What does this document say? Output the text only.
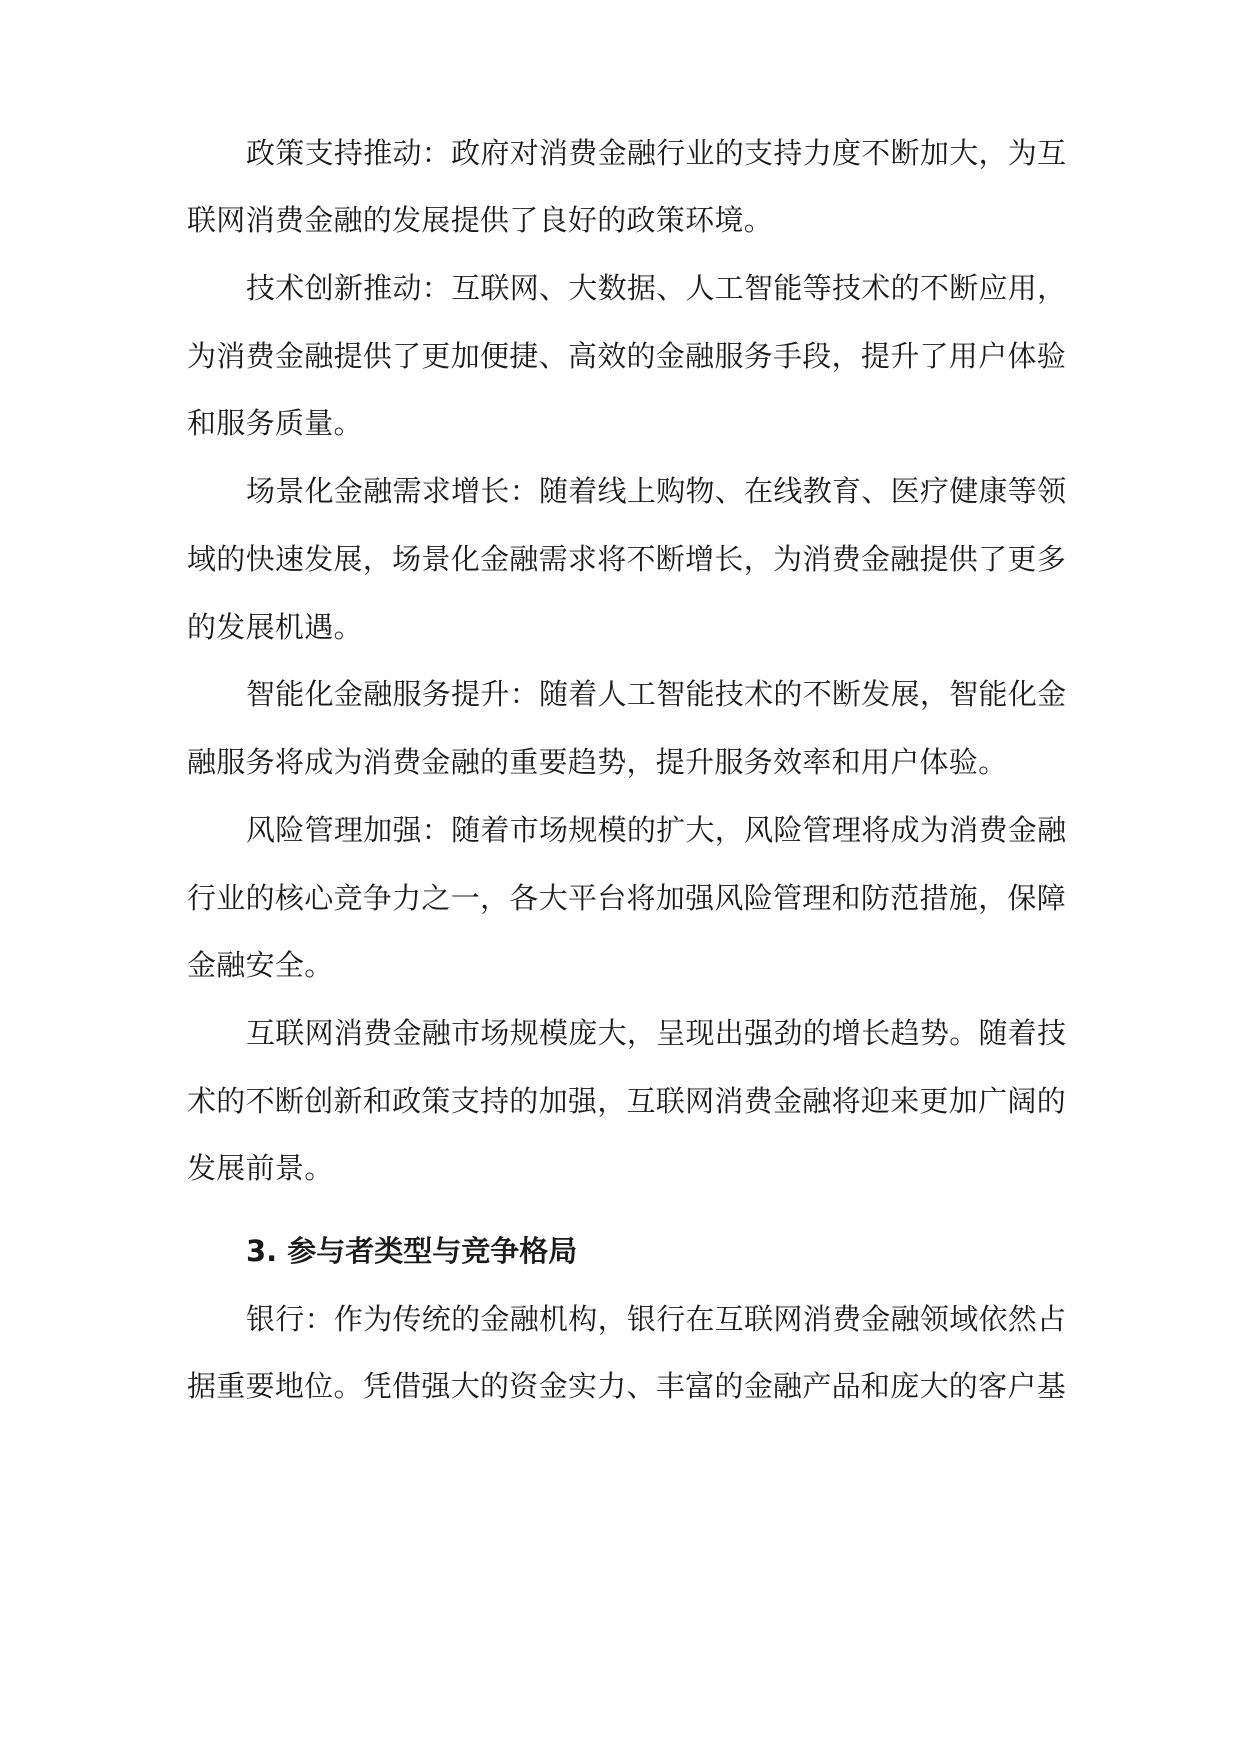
政策支持推动：政府对消费金融行业的支持力度不断加大，为互
联网消费金融的发展提供了良好的政策环境。
技术创新推动：互联网、大数据、人工智能等技术的不断应用，
为消费金融提供了更加便捷、高效的金融服务手段，提升了用户体验
和服务质量。
场景化金融需求增长：随着线上购物、在线教育、医疗健康等领
域的快速发展，场景化金融需求将不断增长，为消费金融提供了更多
的发展机遇。
智能化金融服务提升：随着人工智能技术的不断发展，智能化金
融服务将成为消费金融的重要趋势，提升服务效率和用户体验。
风险管理加强：随着市场规模的扩大，风险管理将成为消费金融
行业的核心竞争力之一，各大平台将加强风险管理和防范措施，保障
金融安全。
互联网消费金融市场规模庞大，呈现出强劲的增长趋势。随着技
术的不断创新和政策支持的加强，互联网消费金融将迎来更加广阔的
发展前景。
3. 参与者类型与竞争格局
银行：作为传统的金融机构，银行在互联网消费金融领域依然占
据重要地位。凭借强大的资金实力、丰富的金融产品和庞大的客户基
